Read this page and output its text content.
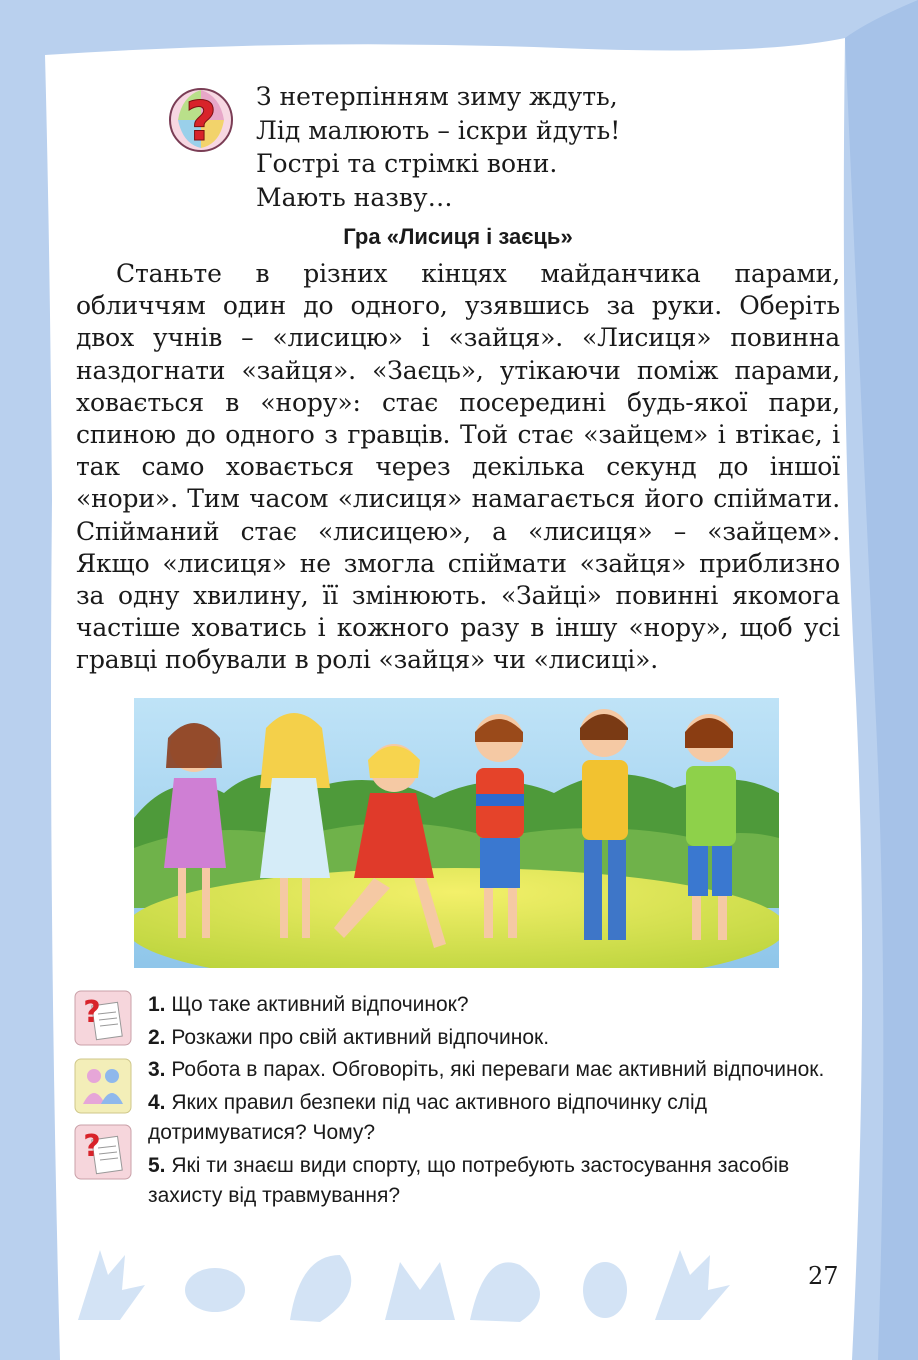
? З нетерпінням зиму ждуть,
Лід малюють – іскри йдуть!
Гострі та стрімкі вони.
Мають назву…
Гра «Лисиця і заєць»

Станьте в різних кінцях майданчика парами, обличчям один до одного, узявшись за руки. Оберіть двох учнів – «лисицю» і «зайця». «Лисиця» повинна наздогнати «зайця». «Заєць», утікаючи поміж парами, ховається в «нору»: стає посередині будь-якої пари, спиною до одного з гравців. Той стає «зайцем» і втікає, і так само ховається через декілька секунд до іншої «нори». Тим часом «лисиця» намагається його спіймати. Спійманий стає «лисицею», а «лисиця» – «зайцем». Якщо «лисиця» не змогла спіймати «зайця» приблизно за одну хвилину, її змінюють. «Зайці» повинні якомога частіше ховатись і кожного разу в іншу «нору», щоб усі гравці побували в ролі «зайця» чи «лисиці».

?
?

1. Що таке активний відпочинок?

2. Розкажи про свій активний відпочинок.

3. Робота в парах. Обговоріть, які переваги має активний відпочинок.

4. Яких правил безпеки під час активного відпочинку слід дотримуватися? Чому?

5. Які ти знаєш види спорту, що потребують застосування засобів захисту від травмування?

27
